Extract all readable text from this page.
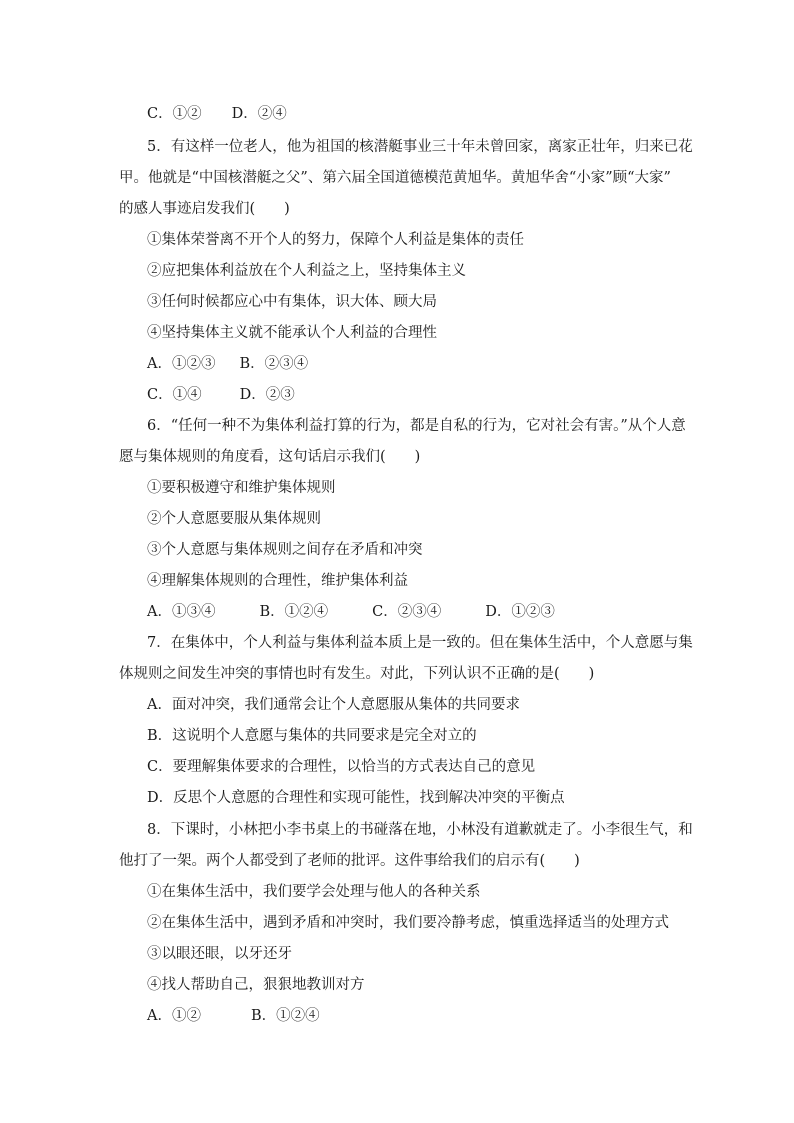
C．①② D．②④
5．有这样一位老人，他为祖国的核潜艇事业三十年未曾回家，离家正壮年，归来已花
甲。他就是“中国核潜艇之父”、第六届全国道德模范黄旭华。黄旭华舍“小家”顾“大家”
的感人事迹启发我们(　　)
①集体荣誉离不开个人的努力，保障个人利益是集体的责任
②应把集体利益放在个人利益之上，坚持集体主义
③任何时候都应心中有集体，识大体、顾大局
④坚持集体主义就不能承认个人利益的合理性
A．①②③ B．②③④
C．①④	D．②③
6．“任何一种不为集体利益打算的行为，都是自私的行为，它对社会有害。”从个人意
愿与集体规则的角度看，这句话启示我们(　　)
①要积极遵守和维护集体规则
②个人意愿要服从集体规则
③个人意愿与集体规则之间存在矛盾和冲突
④理解集体规则的合理性，维护集体利益
A．①③④	B．①②④	C．②③④	D．①②③
7．在集体中，个人利益与集体利益本质上是一致的。但在集体生活中，个人意愿与集
体规则之间发生冲突的事情也时有发生。对此，下列认识不正确的是(　　)
A．面对冲突，我们通常会让个人意愿服从集体的共同要求
B．这说明个人意愿与集体的共同要求是完全对立的
C．要理解集体要求的合理性，以恰当的方式表达自己的意见
D．反思个人意愿的合理性和实现可能性，找到解决冲突的平衡点
8．下课时，小林把小李书桌上的书碰落在地，小林没有道歉就走了。小李很生气，和
他打了一架。两个人都受到了老师的批评。这件事给我们的启示有(　　)
①在集体生活中，我们要学会处理与他人的各种关系
②在集体生活中，遇到矛盾和冲突时，我们要冷静考虑，慎重选择适当的处理方式
③以眼还眼，以牙还牙
④找人帮助自己，狠狠地教训对方
A．①②	B．①②④
